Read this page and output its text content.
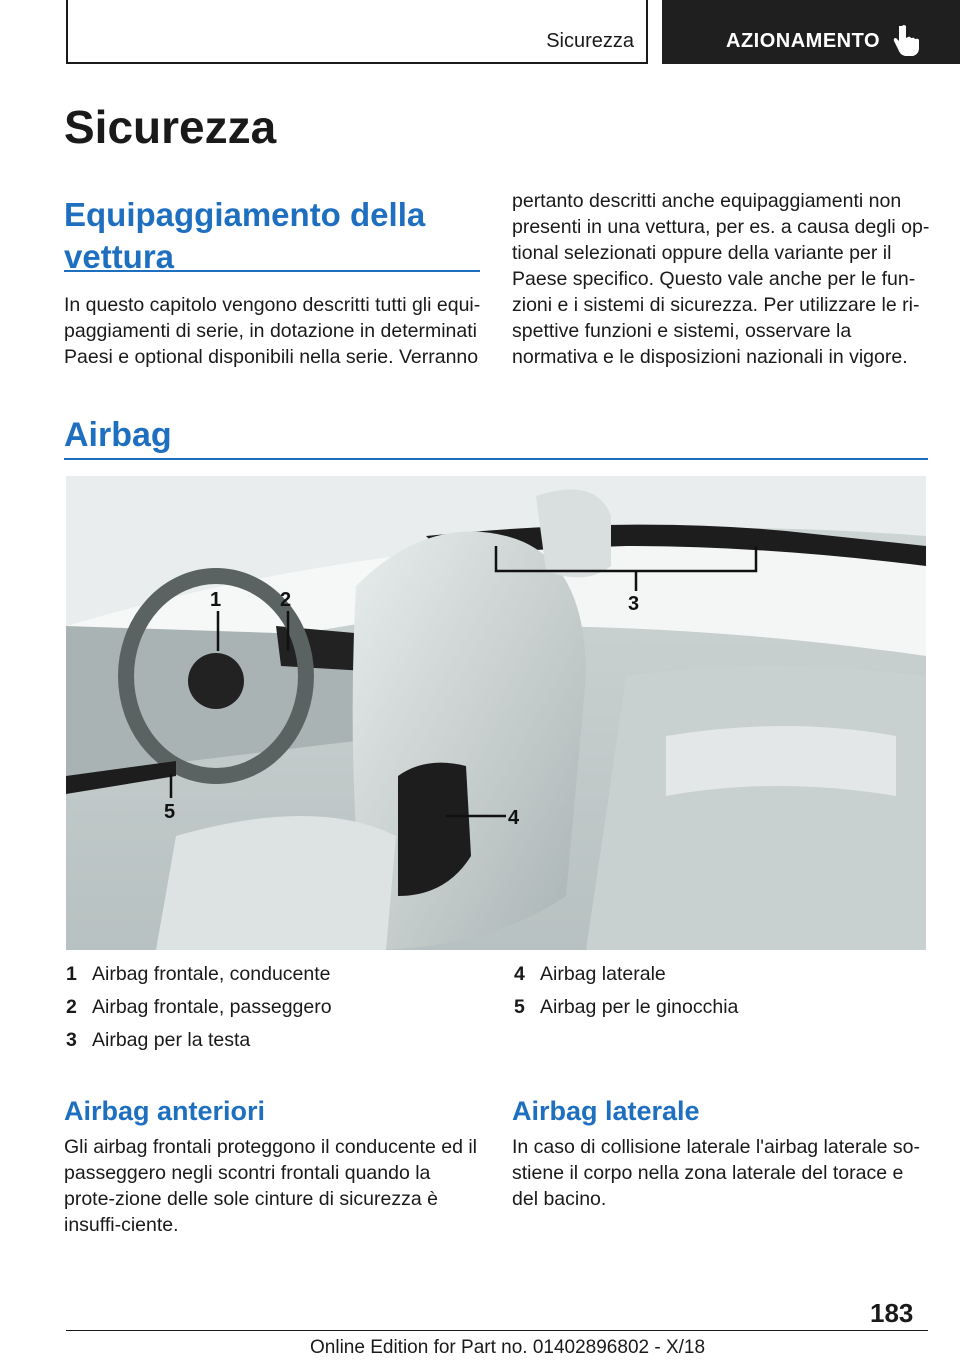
Sicurezza	AZIONAMENTO
Sicurezza
Equipaggiamento della vettura

In questo capitolo vengono descritti tutti gli equi-paggiamenti di serie, in dotazione in determinati Paesi e optional disponibili nella serie. Verranno

pertanto descritti anche equipaggiamenti non presenti in una vettura, per es. a causa degli op-tional selezionati oppure della variante per il Paese specifico. Questo vale anche per le fun-zioni e i sistemi di sicurezza. Per utilizzare le ri-spettive funzioni e sistemi, osservare la normativa e le disposizioni nazionali in vigore.

Airbag
1	2	3
4
5
1 Airbag frontale, conducente
2 Airbag frontale, passeggero
3 Airbag per la testa
4 Airbag laterale
5 Airbag per le ginocchia
Airbag anteriori

Gli airbag frontali proteggono il conducente ed il passeggero negli scontri frontali quando la prote-zione delle sole cinture di sicurezza è insuffi-ciente.

Airbag laterale

In caso di collisione laterale l'airbag laterale so-stiene il corpo nella zona laterale del torace e del bacino.

183
Online Edition for Part no. 01402896802 - X/18
